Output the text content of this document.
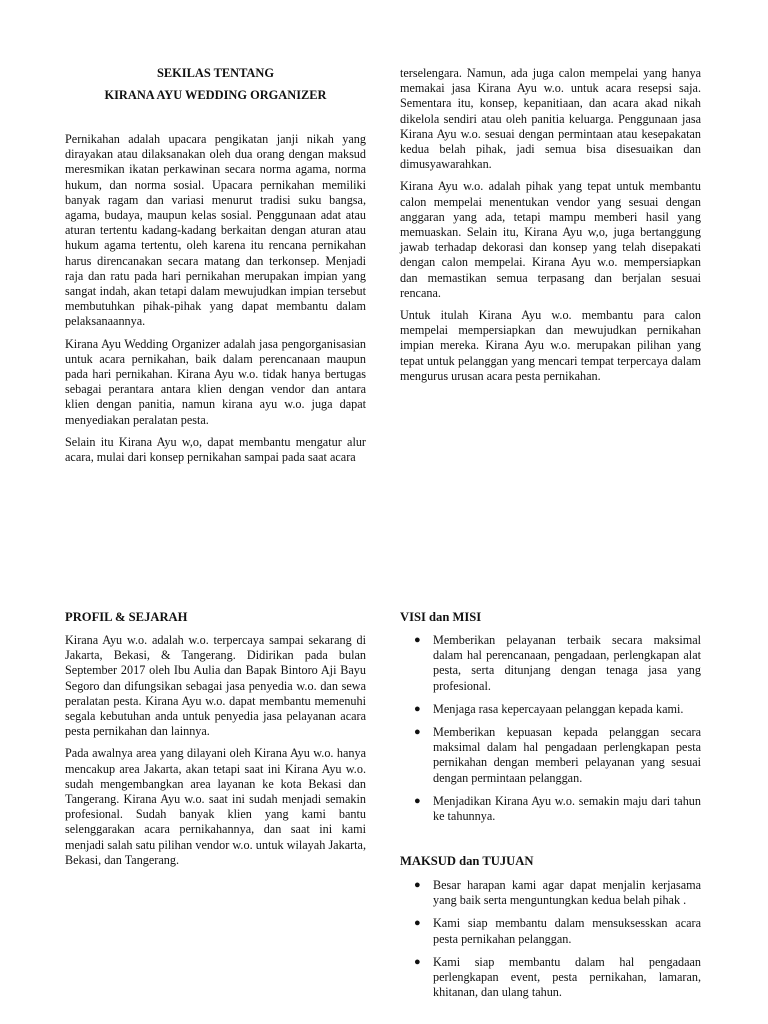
SEKILAS TENTANG
KIRANA AYU WEDDING ORGANIZER

Pernikahan adalah upacara pengikatan janji nikah yang dirayakan atau dilaksanakan oleh dua orang dengan maksud meresmikan ikatan perkawinan secara norma agama, norma hukum, dan norma sosial. Upacara pernikahan memiliki banyak ragam dan variasi menurut tradisi suku bangsa, agama, budaya, maupun kelas sosial. Penggunaan adat atau aturan tertentu kadang-kadang berkaitan dengan aturan atau hukum agama tertentu, oleh karena itu rencana pernikahan harus direncanakan secara matang dan terkonsep. Menjadi raja dan ratu pada hari pernikahan merupakan impian yang sangat indah, akan tetapi dalam mewujudkan impian tersebut membutuhkan pihak-pihak yang dapat membantu dalam pelaksanaannya.

Kirana Ayu Wedding Organizer adalah jasa pengorganisasian untuk acara pernikahan, baik dalam perencanaan maupun pada hari pernikahan. Kirana Ayu w.o. tidak hanya bertugas sebagai perantara antara klien dengan vendor dan antara klien dengan panitia, namun kirana ayu w.o. juga dapat menyediakan peralatan pesta.

Selain itu Kirana Ayu w,o, dapat membantu mengatur alur acara, mulai dari konsep pernikahan sampai pada saat acara

terselengara. Namun, ada juga calon mempelai yang hanya memakai jasa Kirana Ayu w.o. untuk acara resepsi saja. Sementara itu, konsep, kepanitiaan, dan acara akad nikah dikelola sendiri atau oleh panitia keluarga. Penggunaan jasa Kirana Ayu w.o. sesuai dengan permintaan atau kesepakatan kedua belah pihak, jadi semua bisa disesuaikan dan dimusyawarahkan.

Kirana Ayu w.o. adalah pihak yang tepat untuk membantu calon mempelai menentukan vendor yang sesuai dengan anggaran yang ada, tetapi mampu memberi hasil yang memuaskan. Selain itu, Kirana Ayu w,o, juga bertanggung jawab terhadap dekorasi dan konsep yang telah disepakati dengan calon mempelai. Kirana Ayu w.o. mempersiapkan dan memastikan semua terpasang dan berjalan sesuai rencana.

Untuk itulah Kirana Ayu w.o. membantu para calon mempelai mempersiapkan dan mewujudkan pernikahan impian mereka. Kirana Ayu w.o. merupakan pilihan yang tepat untuk pelanggan yang mencari tempat terpercaya dalam mengurus urusan acara pesta pernikahan.

PROFIL & SEJARAH

Kirana Ayu w.o. adalah w.o. terpercaya sampai sekarang di Jakarta, Bekasi, & Tangerang. Didirikan pada bulan September 2017 oleh Ibu Aulia dan Bapak Bintoro Aji Bayu Segoro dan difungsikan sebagai jasa penyedia w.o. dan sewa peralatan pesta. Kirana Ayu w.o. dapat membantu memenuhi segala kebutuhan anda untuk penyedia jasa pelayanan acara pesta pernikahan dan lainnya.

Pada awalnya area yang dilayani oleh Kirana Ayu w.o. hanya mencakup area Jakarta, akan tetapi saat ini Kirana Ayu w.o. sudah mengembangkan area layanan ke kota Bekasi dan Tangerang. Kirana Ayu w.o. saat ini sudah menjadi semakin profesional. Sudah banyak klien yang kami bantu selenggarakan acara pernikahannya, dan saat ini kami menjadi salah satu pilihan vendor w.o. untuk wilayah Jakarta, Bekasi, dan Tangerang.

VISI dan MISI
● Memberikan pelayanan terbaik secara maksimal dalam hal perencanaan, pengadaan, perlengkapan alat pesta, serta ditunjang dengan tenaga jasa yang profesional.
● Menjaga rasa kepercayaan pelanggan kepada kami.
● Memberikan kepuasan kepada pelanggan secara maksimal dalam hal pengadaan perlengkapan pesta pernikahan dengan memberi pelayanan yang sesuai dengan permintaan pelanggan.
● Menjadikan Kirana Ayu w.o. semakin maju dari tahun ke tahunnya.
MAKSUD dan TUJUAN
● Besar harapan kami agar dapat menjalin kerjasama yang baik serta menguntungkan kedua belah pihak .
● Kami siap membantu dalam mensuksesskan acara pesta pernikahan pelanggan.
● Kami siap membantu dalam hal pengadaan perlengkapan event, pesta pernikahan, lamaran, khitanan, dan ulang tahun.
